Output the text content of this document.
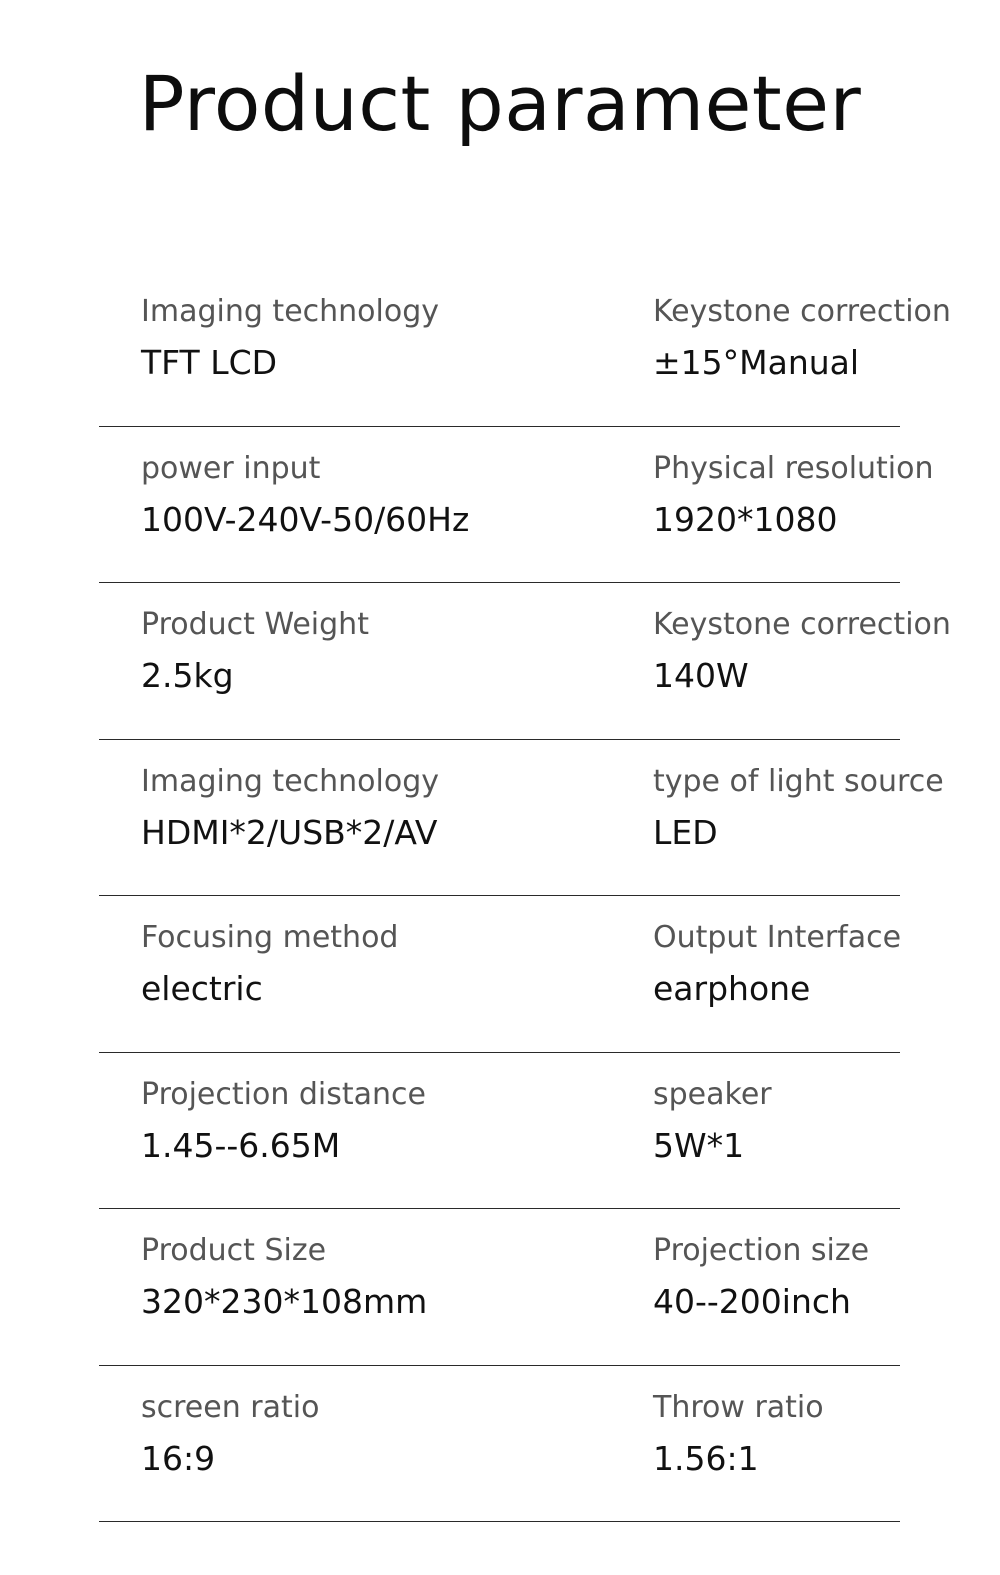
Product parameter
Imaging technology
TFT LCD
Keystone correction
±15°Manual
power input
100V-240V-50/60Hz
Physical resolution
1920*1080
Product Weight
2.5kg
Keystone correction
140W
Imaging technology
HDMI*2/USB*2/AV
type of light source
LED
Focusing method
electric
Output Interface
earphone
Projection distance
1.45--6.65M
speaker
5W*1
Product Size
320*230*108mm
Projection size
40--200inch
screen ratio
16:9
Throw ratio
1.56:1
